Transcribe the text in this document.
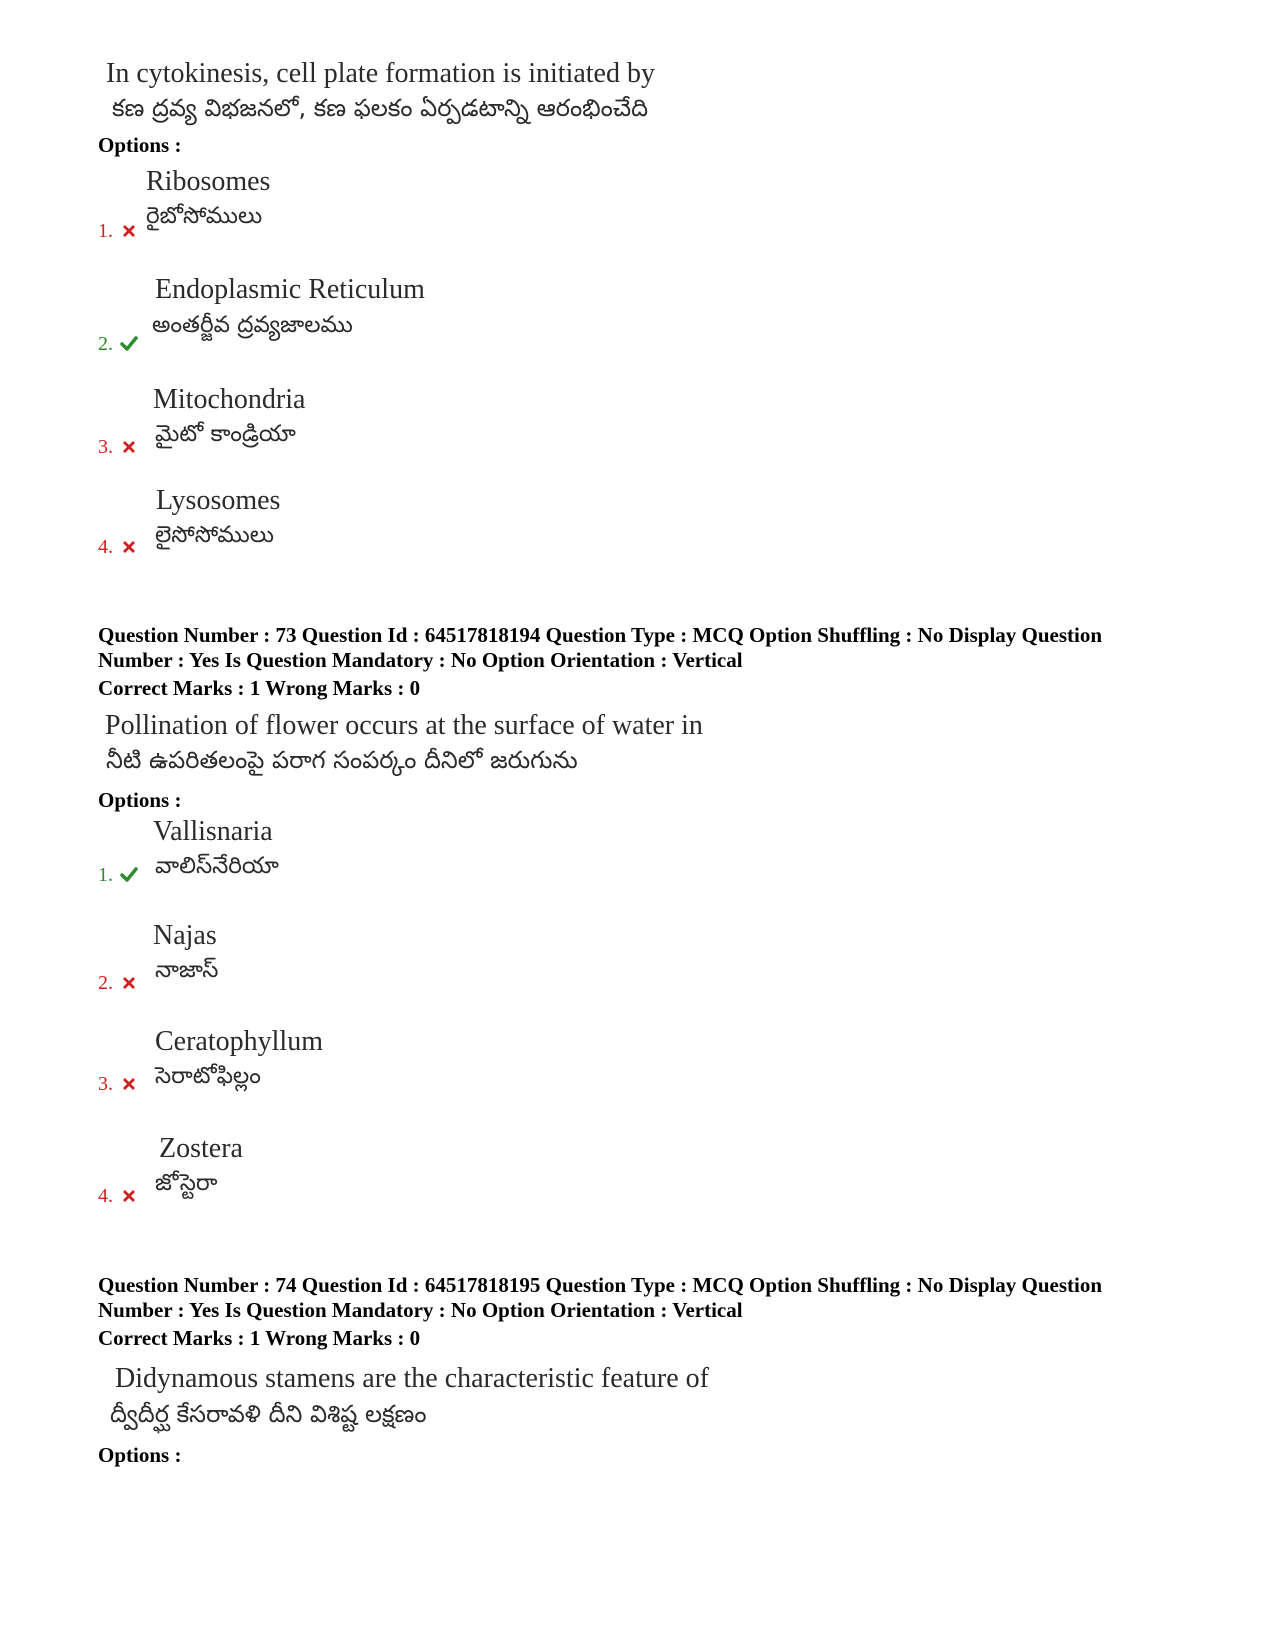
In cytokinesis, cell plate formation is initiated by
కణ ద్రవ్య విభజనలో, కణ ఫలకం ఏర్పడటాన్ని ఆరంభించేది
Options :
Ribosomes
రైబోసోములు
1.
Endoplasmic Reticulum
అంతర్జీవ ద్రవ్యజాలము
2.
Mitochondria
మైటో కాండ్రియా
3.
Lysosomes
లైసోసోములు
4.
Question Number : 73 Question Id : 64517818194 Question Type : MCQ Option Shuffling : No Display Question
Number : Yes Is Question Mandatory : No Option Orientation : Vertical
Correct Marks : 1 Wrong Marks : 0
Pollination of flower occurs at the surface of water in
నీటి ఉపరితలంపై పరాగ సంపర్కం దీనిలో జరుగును
Options :
Vallisnaria
వాలిస్‌నేరియా
1.
Najas
నాజాస్
2.
Ceratophyllum
సెరాటోఫిల్లం
3.
Zostera
జోస్టెరా
4.
Question Number : 74 Question Id : 64517818195 Question Type : MCQ Option Shuffling : No Display Question
Number : Yes Is Question Mandatory : No Option Orientation : Vertical
Correct Marks : 1 Wrong Marks : 0
Didynamous stamens are the characteristic feature of
ద్వీదీర్ఘ కేసరావళి దీని విశిష్ట లక్షణం
Options :
